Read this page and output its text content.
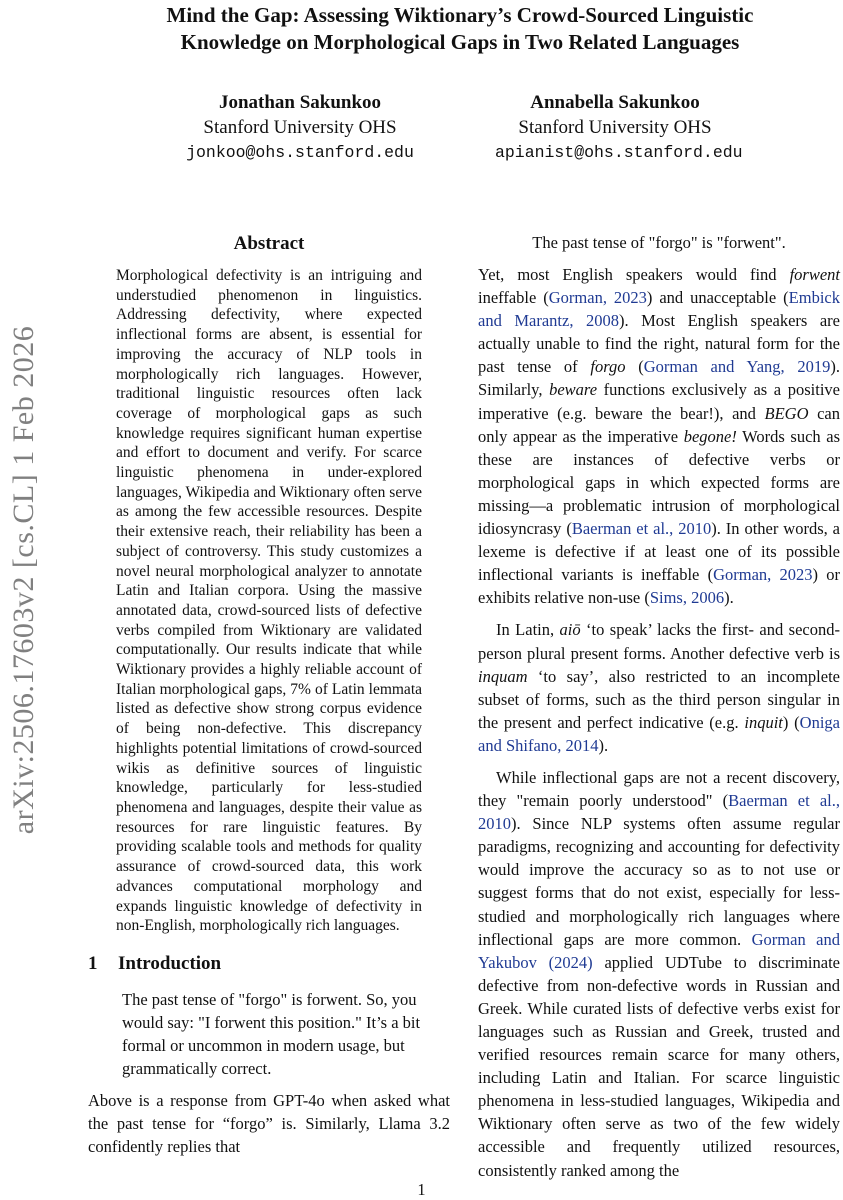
arXiv:2506.17603v2 [cs.CL] 1 Feb 2026
Mind the Gap: Assessing Wiktionary’s Crowd-Sourced Linguistic
Knowledge on Morphological Gaps in Two Related Languages
Jonathan Sakunkoo
Stanford University OHS
jonkoo@ohs.stanford.edu
Annabella Sakunkoo
Stanford University OHS
apianist@ohs.stanford.edu
Abstract
Morphological defectivity is an intriguing and understudied phenomenon in linguistics. Addressing defectivity, where expected inflectional forms are absent, is essential for improving the accuracy of NLP tools in morphologically rich languages. However, traditional linguistic resources often lack coverage of morphological gaps as such knowledge requires significant human expertise and effort to document and verify. For scarce linguistic phenomena in under-explored languages, Wikipedia and Wiktionary often serve as among the few accessible resources. Despite their extensive reach, their reliability has been a subject of controversy. This study customizes a novel neural morphological analyzer to annotate Latin and Italian corpora. Using the massive annotated data, crowd-sourced lists of defective verbs compiled from Wiktionary are validated computationally. Our results indicate that while Wiktionary provides a highly reliable account of Italian morphological gaps, 7% of Latin lemmata listed as defective show strong corpus evidence of being non-defective. This discrepancy highlights potential limitations of crowd-sourced wikis as definitive sources of linguistic knowledge, particularly for less-studied phenomena and languages, despite their value as resources for rare linguistic features. By providing scalable tools and methods for quality assurance of crowd-sourced data, this work advances computational morphology and expands linguistic knowledge of defectivity in non-English, morphologically rich languages.
1 Introduction
The past tense of "forgo" is forwent. So, you would say: "I forwent this position." It’s a bit formal or uncommon in modern usage, but grammatically correct.
Above is a response from GPT-4o when asked what the past tense for “forgo” is. Similarly, Llama 3.2 confidently replies that
The past tense of "forgo" is "forwent".

Yet, most English speakers would find forwent ineffable (Gorman, 2023) and unacceptable (Embick and Marantz, 2008). Most English speakers are actually unable to find the right, natural form for the past tense of forgo (Gorman and Yang, 2019). Similarly, beware functions exclusively as a positive imperative (e.g. beware the bear!), and BEGO can only appear as the imperative begone! Words such as these are instances of defective verbs or morphological gaps in which expected forms are missing—a problematic intrusion of morphological idiosyncrasy (Baerman et al., 2010). In other words, a lexeme is defective if at least one of its possible inflectional variants is ineffable (Gorman, 2023) or exhibits relative non-use (Sims, 2006).

In Latin, aiō ‘to speak’ lacks the first- and second-person plural present forms. Another defective verb is inquam ‘to say’, also restricted to an incomplete subset of forms, such as the third person singular in the present and perfect indicative (e.g. inquit) (Oniga and Shifano, 2014).

While inflectional gaps are not a recent discovery, they "remain poorly understood" (Baerman et al., 2010). Since NLP systems often assume regular paradigms, recognizing and accounting for defectivity would improve the accuracy so as to not use or suggest forms that do not exist, especially for less-studied and morphologically rich languages where inflectional gaps are more common. Gorman and Yakubov (2024) applied UDTube to discriminate defective from non-defective words in Russian and Greek. While curated lists of defective verbs exist for languages such as Russian and Greek, trusted and verified resources remain scarce for many others, including Latin and Italian. For scarce linguistic phenomena in less-studied languages, Wikipedia and Wiktionary often serve as two of the few widely accessible and frequently utilized resources, consistently ranked among the

1
